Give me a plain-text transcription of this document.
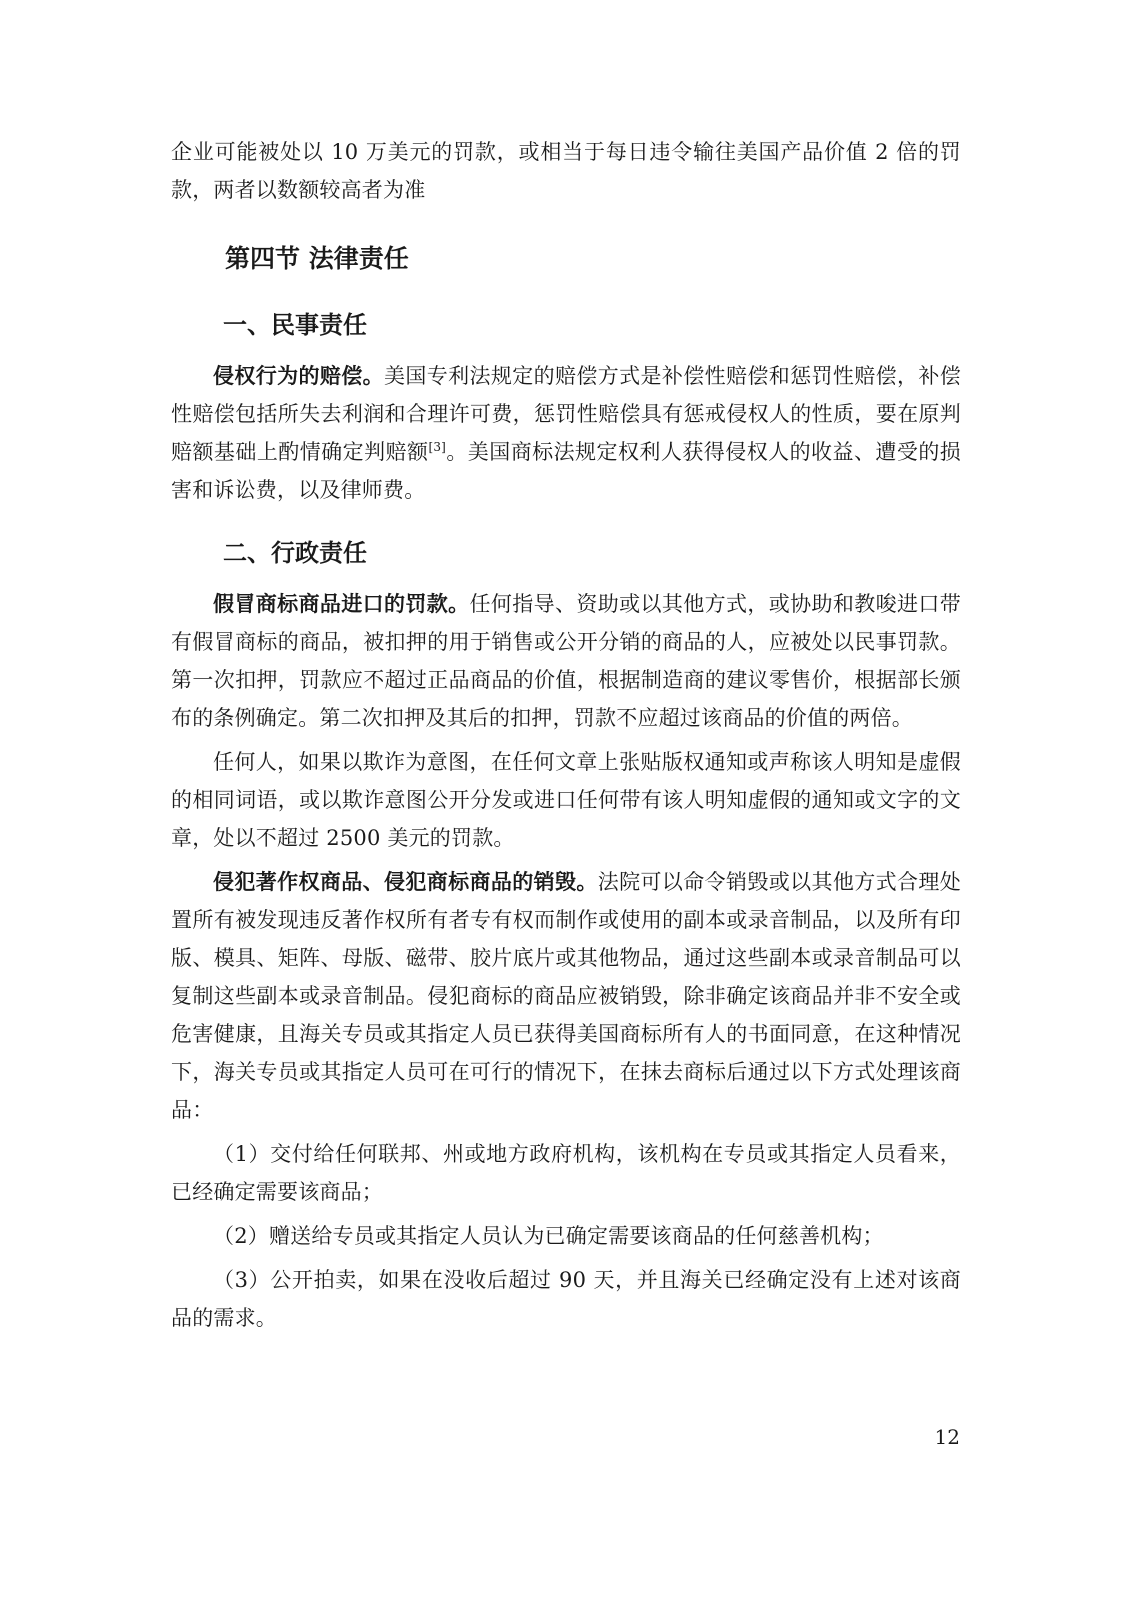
企业可能被处以 10 万美元的罚款，或相当于每日违令输往美国产品价值 2 倍的罚款，两者以数额较高者为准

第四节 法律责任
一、民事责任

侵权行为的赔偿。美国专利法规定的赔偿方式是补偿性赔偿和惩罚性赔偿，补偿性赔偿包括所失去利润和合理许可费，惩罚性赔偿具有惩戒侵权人的性质，要在原判赔额基础上酌情确定判赔额[3]。美国商标法规定权利人获得侵权人的收益、遭受的损害和诉讼费，以及律师费。

二、行政责任

假冒商标商品进口的罚款。任何指导、资助或以其他方式，或协助和教唆进口带有假冒商标的商品，被扣押的用于销售或公开分销的商品的人，应被处以民事罚款。第一次扣押，罚款应不超过正品商品的价值，根据制造商的建议零售价，根据部长颁布的条例确定。第二次扣押及其后的扣押，罚款不应超过该商品的价值的两倍。

任何人，如果以欺诈为意图，在任何文章上张贴版权通知或声称该人明知是虚假的相同词语，或以欺诈意图公开分发或进口任何带有该人明知虚假的通知或文字的文章，处以不超过 2500 美元的罚款。

侵犯著作权商品、侵犯商标商品的销毁。法院可以命令销毁或以其他方式合理处置所有被发现违反著作权所有者专有权而制作或使用的副本或录音制品，以及所有印版、模具、矩阵、母版、磁带、胶片底片或其他物品，通过这些副本或录音制品可以复制这些副本或录音制品。侵犯商标的商品应被销毁，除非确定该商品并非不安全或危害健康，且海关专员或其指定人员已获得美国商标所有人的书面同意，在这种情况下，海关专员或其指定人员可在可行的情况下，在抹去商标后通过以下方式处理该商品：

（1）交付给任何联邦、州或地方政府机构，该机构在专员或其指定人员看来，已经确定需要该商品；

（2）赠送给专员或其指定人员认为已确定需要该商品的任何慈善机构；

（3）公开拍卖，如果在没收后超过 90 天，并且海关已经确定没有上述对该商品的需求。

12
